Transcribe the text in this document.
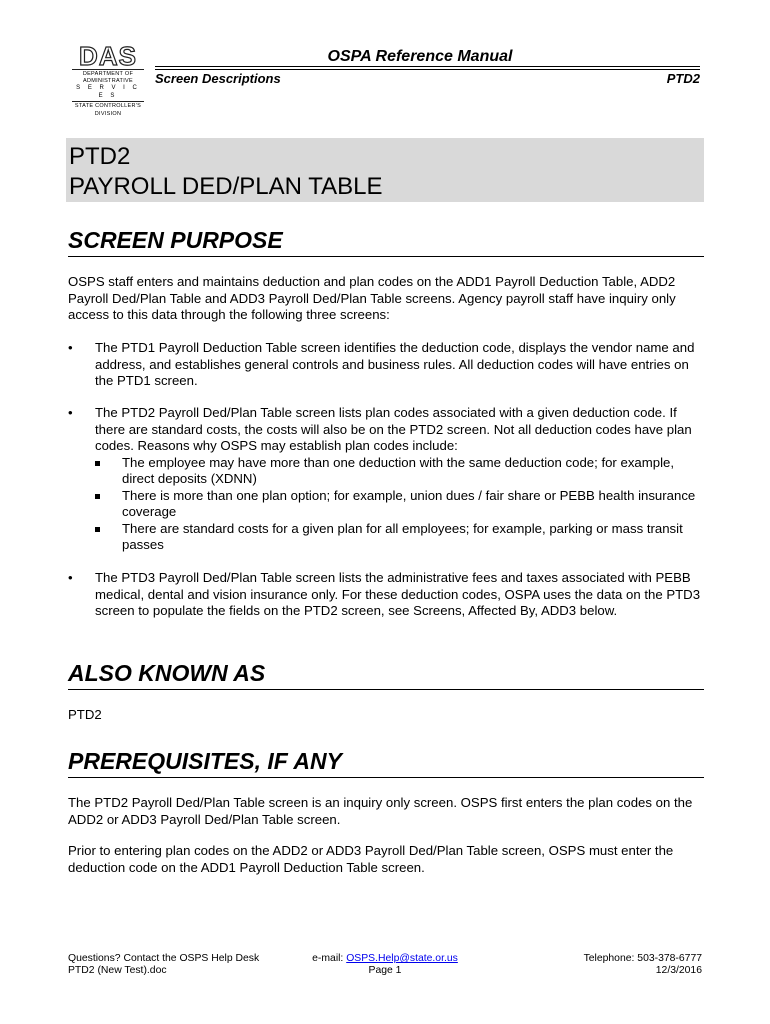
DAS
DEPARTMENT OF
ADMINISTRATIVE
S E R V I C E S
STATE CONTROLLER'S
DIVISION
OSPA Reference Manual
Screen Descriptions	PTD2
PTD2
PAYROLL DED/PLAN TABLE
SCREEN PURPOSE

OSPS staff enters and maintains deduction and plan codes on the ADD1 Payroll Deduction Table, ADD2 Payroll Ded/Plan Table and ADD3 Payroll Ded/Plan Table screens. Agency payroll staff have inquiry only access to this data through the following three screens:

•	The PTD1 Payroll Deduction Table screen identifies the deduction code, displays the vendor name and address, and establishes general controls and business rules. All deduction codes will have entries on the PTD1 screen.
•	The PTD2 Payroll Ded/Plan Table screen lists plan codes associated with a given deduction code. If there are standard costs, the costs will also be on the PTD2 screen. Not all deduction codes have plan codes. Reasons why OSPS may establish plan codes include:
The employee may have more than one deduction with the same deduction code; for example, direct deposits (XDNN)
There is more than one plan option; for example, union dues / fair share or PEBB health insurance coverage
There are standard costs for a given plan for all employees; for example, parking or mass transit passes
•	The PTD3 Payroll Ded/Plan Table screen lists the administrative fees and taxes associated with PEBB medical, dental and vision insurance only. For these deduction codes, OSPA uses the data on the PTD3 screen to populate the fields on the PTD2 screen, see Screens, Affected By, ADD3 below.
ALSO KNOWN AS

PTD2

PREREQUISITES, IF ANY

The PTD2 Payroll Ded/Plan Table screen is an inquiry only screen. OSPS first enters the plan codes on the ADD2 or ADD3 Payroll Ded/Plan Table screen.

Prior to entering plan codes on the ADD2 or ADD3 Payroll Ded/Plan Table screen, OSPS must enter the deduction code on the ADD1 Payroll Deduction Table screen.

Questions? Contact the OSPS Help Desk
PTD2 (New Test).doc
e-mail: OSPS.Help@state.or.us
Page 1
Telephone: 503-378-6777
12/3/2016
